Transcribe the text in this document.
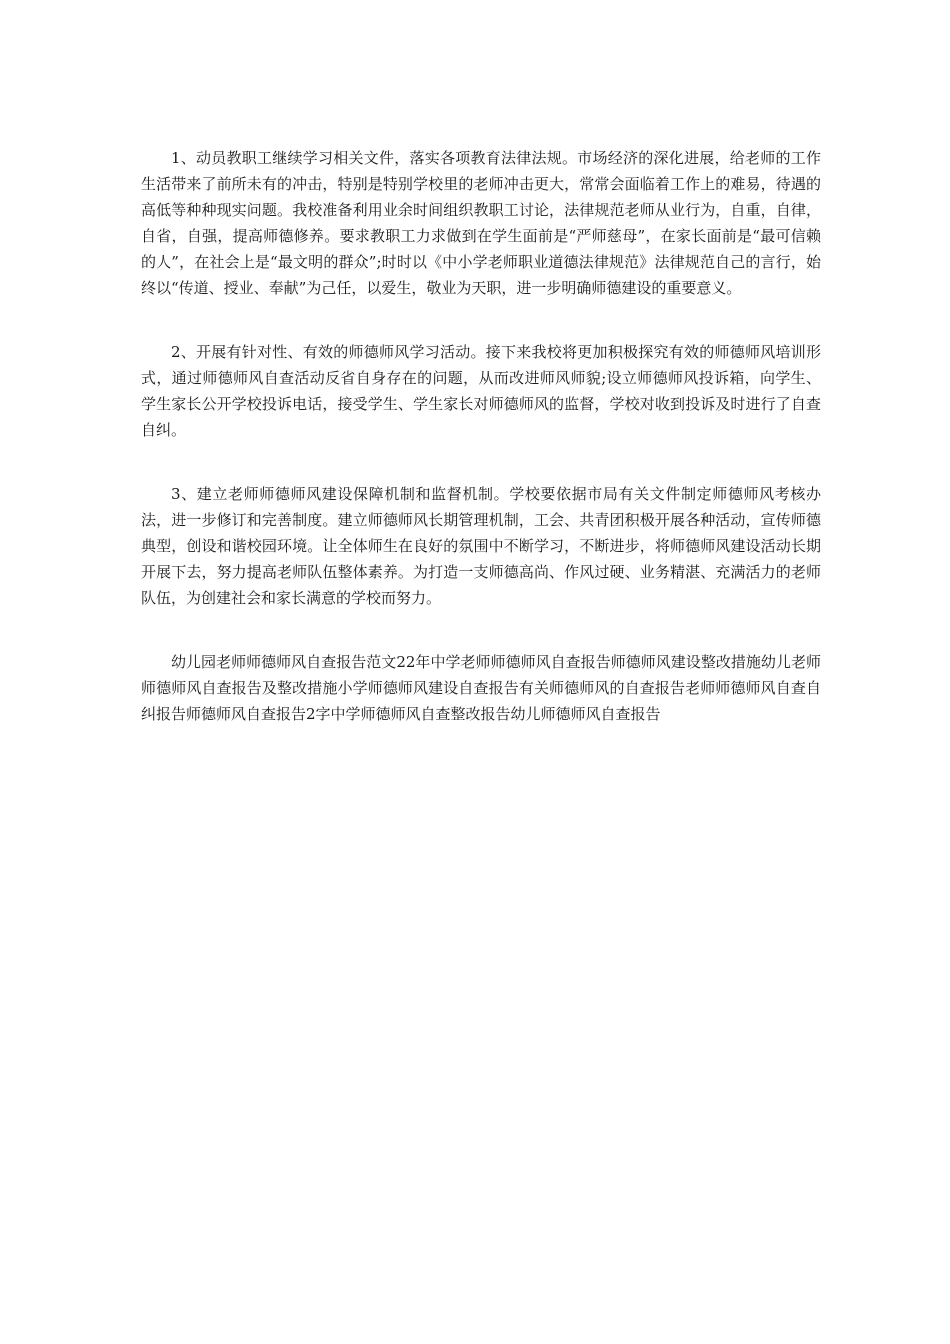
1、动员教职工继续学习相关文件，落实各项教育法律法规。市场经济的深化进展，给老师的工作生活带来了前所未有的冲击，特别是特别学校里的老师冲击更大，常常会面临着工作上的难易，待遇的高低等种种现实问题。我校准备利用业余时间组织教职工讨论，法律规范老师从业行为，自重，自律，自省，自强，提高师德修养。要求教职工力求做到在学生面前是“严师慈母”，在家长面前是“最可信赖的人”，在社会上是“最文明的群众”;时时以《中小学老师职业道德法律规范》法律规范自己的言行，始终以“传道、授业、奉献”为己任，以爱生，敬业为天职，进一步明确师德建设的重要意义。

2、开展有针对性、有效的师德师风学习活动。接下来我校将更加积极探究有效的师德师风培训形式，通过师德师风自查活动反省自身存在的问题，从而改进师风师貌;设立师德师风投诉箱，向学生、学生家长公开学校投诉电话，接受学生、学生家长对师德师风的监督，学校对收到投诉及时进行了自查自纠。

3、建立老师师德师风建设保障机制和监督机制。学校要依据市局有关文件制定师德师风考核办法，进一步修订和完善制度。建立师德师风长期管理机制，工会、共青团积极开展各种活动，宣传师德典型，创设和谐校园环境。让全体师生在良好的氛围中不断学习，不断进步，将师德师风建设活动长期开展下去，努力提高老师队伍整体素养。为打造一支师德高尚、作风过硬、业务精湛、充满活力的老师队伍，为创建社会和家长满意的学校而努力。

幼儿园老师师德师风自查报告范文22年中学老师师德师风自查报告师德师风建设整改措施幼儿老师师德师风自查报告及整改措施小学师德师风建设自查报告有关师德师风的自查报告老师师德师风自查自纠报告师德师风自查报告2字中学师德师风自查整改报告幼儿师德师风自查报告
